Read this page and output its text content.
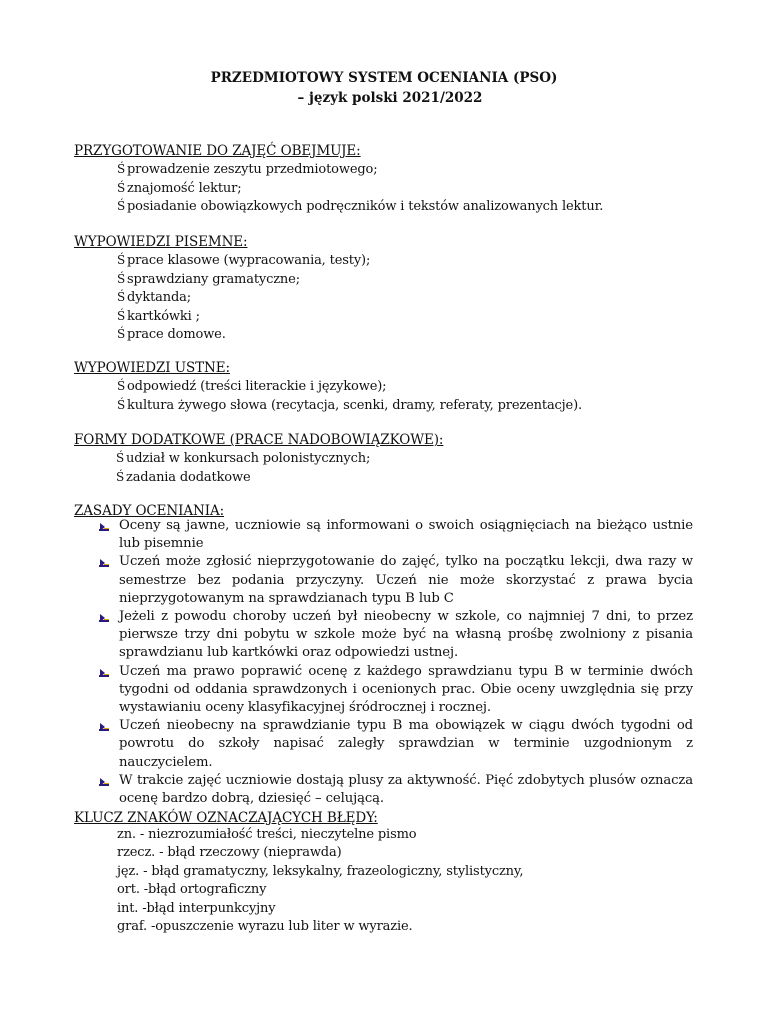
PRZEDMIOTOWY SYSTEM OCENIANIA (PSO)
– język polski 2021/2022
PRZYGOTOWANIE DO ZAJĘĆ OBEJMUJE:
Ś prowadzenie zeszytu przedmiotowego;
Ś znajomość lektur;
Ś posiadanie obowiązkowych podręczników i tekstów analizowanych lektur.
WYPOWIEDZI PISEMNE:
Ś prace klasowe (wypracowania, testy);
Ś sprawdziany gramatyczne;
Ś dyktanda;
Ś kartkówki ;
Ś prace domowe.
WYPOWIEDZI USTNE:
Ś odpowiedź (treści literackie i językowe);
Ś kultura żywego słowa (recytacja, scenki, dramy, referaty, prezentacje).
FORMY DODATKOWE (PRACE NADOBOWIĄZKOWE):
Ś udział w konkursach polonistycznych;
Ś zadania dodatkowe
ZASADY OCENIANIA:
Oceny są jawne, uczniowie są informowani o swoich osiągnięciach na bieżąco ustnie lub pisemnie
Uczeń może zgłosić nieprzygotowanie do zajęć, tylko na początku lekcji, dwa razy w semestrze bez podania przyczyny. Uczeń nie może skorzystać z prawa bycia nieprzygotowanym na sprawdzianach typu B lub C
Jeżeli z powodu choroby uczeń był nieobecny w szkole, co najmniej 7 dni, to przez pierwsze trzy dni pobytu w szkole może być na własną prośbę zwolniony z pisania sprawdzianu lub kartkówki oraz odpowiedzi ustnej.
Uczeń ma prawo poprawić ocenę z każdego sprawdzianu typu B w terminie dwóch tygodni od oddania sprawdzonych i ocenionych prac. Obie oceny uwzględnia się przy wystawianiu oceny klasyfikacyjnej śródrocznej i rocznej.
Uczeń nieobecny na sprawdzianie typu B ma obowiązek w ciągu dwóch tygodni od powrotu do szkoły napisać zaległy sprawdzian w terminie uzgodnionym z nauczycielem.
W trakcie zajęć uczniowie dostają plusy za aktywność. Pięć zdobytych plusów oznacza ocenę bardzo dobrą, dziesięć – celującą.
KLUCZ ZNAKÓW OZNACZAJĄCYCH BŁĘDY:
zn. - niezrozumiałość treści, nieczytelne pismo
rzecz. - błąd rzeczowy (nieprawda)
jęz. - błąd gramatyczny, leksykalny, frazeologiczny, stylistyczny,
ort. -błąd ortograficzny
int. -błąd interpunkcyjny
graf. -opuszczenie wyrazu lub liter w wyrazie.
